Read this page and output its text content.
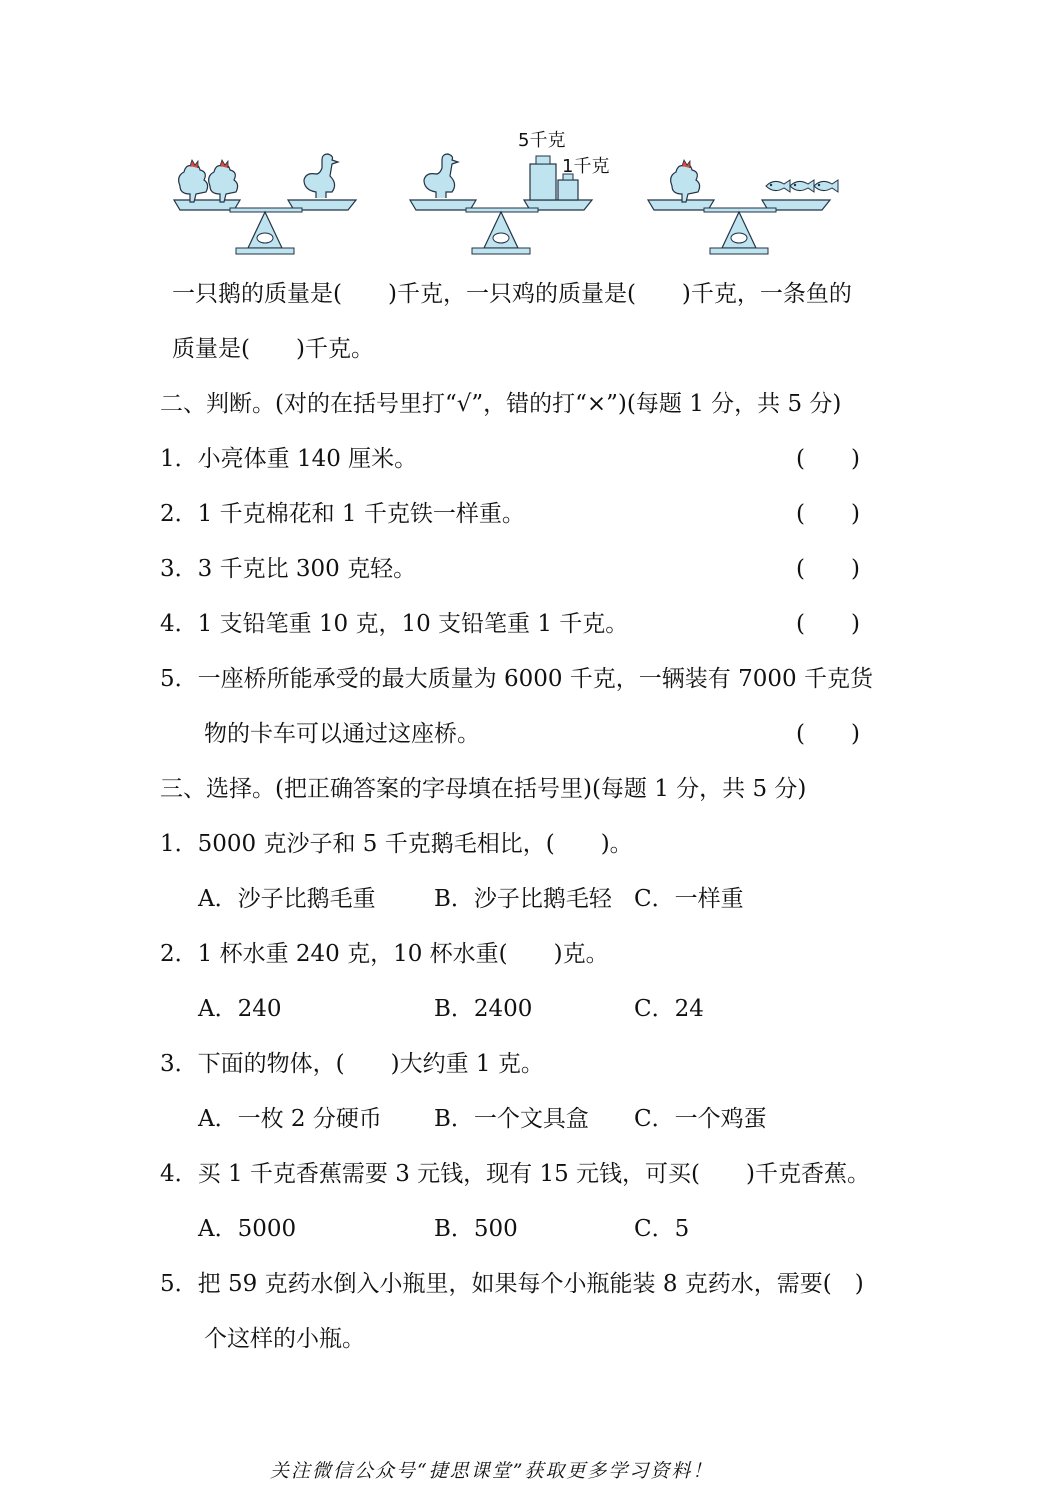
5千克
1千克
一只鹅的质量是(　　)千克，一只鸡的质量是(　　)千克，一条鱼的
质量是(　　)千克。
二、判断。(对的在括号里打“√”，错的打“×”)(每题 1 分，共 5 分)
1．小亮体重 140 厘米。	(　　)
2．1 千克棉花和 1 千克铁一样重。	(　　)
3．3 千克比 300 克轻。	(　　)
4．1 支铅笔重 10 克，10 支铅笔重 1 千克。	(　　)
5．一座桥所能承受的最大质量为 6000 千克，一辆装有 7000 千克货
物的卡车可以通过这座桥。	(　　)
三、选择。(把正确答案的字母填在括号里)(每题 1 分，共 5 分)
1．5000 克沙子和 5 千克鹅毛相比，(　　)。
A．沙子比鹅毛重	B．沙子比鹅毛轻 C．一样重
2．1 杯水重 240 克，10 杯水重(　　)克。
A．240	B．2400	C．24
3．下面的物体，(　　)大约重 1 克。
A．一枚 2 分硬币 B．一个文具盒 C．一个鸡蛋
4．买 1 千克香蕉需要 3 元钱，现有 15 元钱，可买(　　)千克香蕉。
A．5000	B．500	C．5
5．把 59 克药水倒入小瓶里，如果每个小瓶能装 8 克药水，需要(　)
个这样的小瓶。
关注微信公众号“捷思课堂”获取更多学习资料！
